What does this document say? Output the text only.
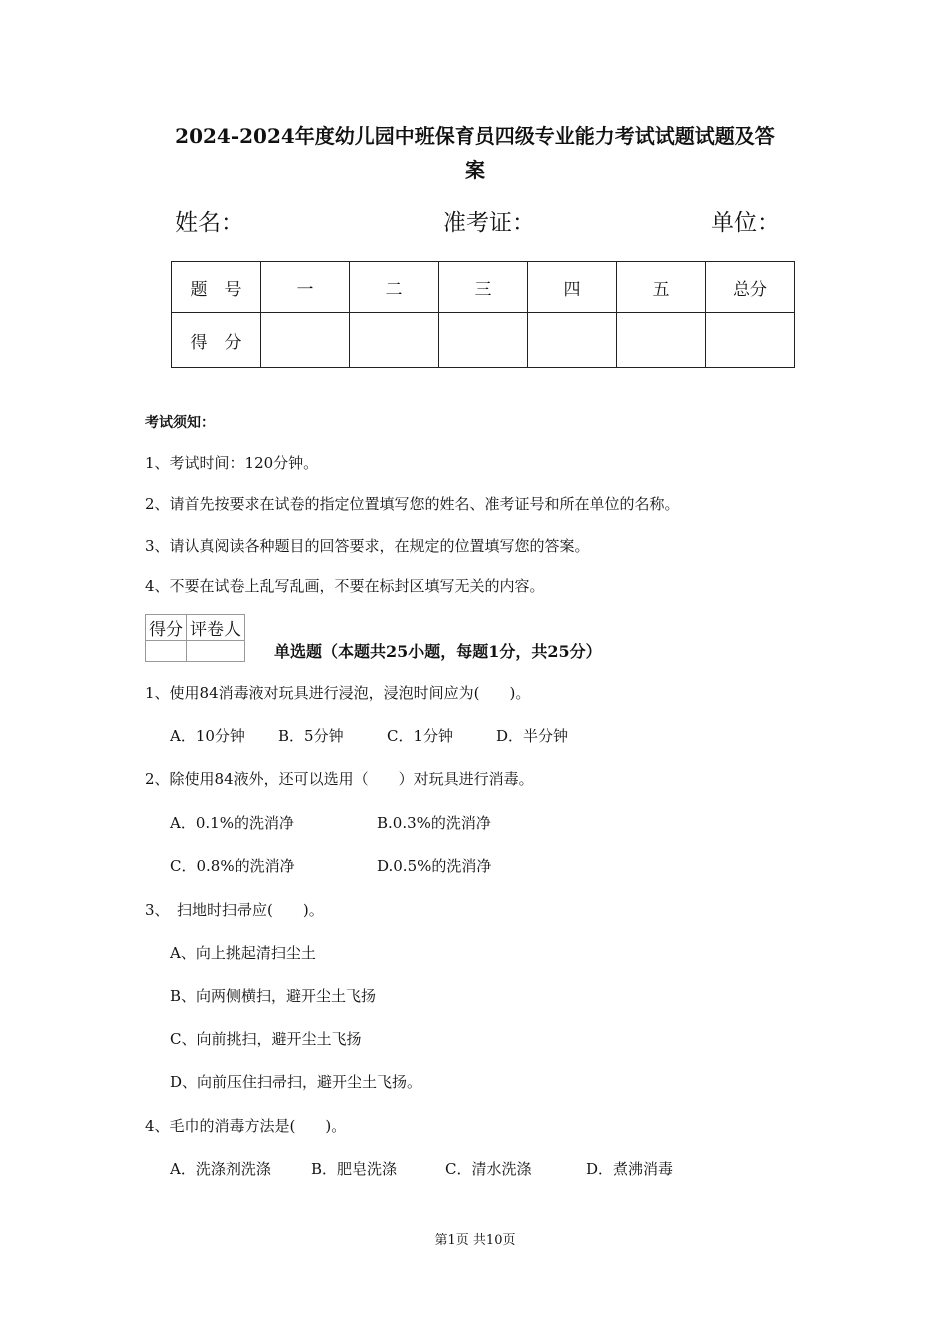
2024-2024年度幼儿园中班保育员四级专业能力考试试题试题及答
案
姓名：	准考证：	单位：
题　号	一	二	三	四	五	总分
得　分						
考试须知：
1、考试时间：120分钟。
2、请首先按要求在试卷的指定位置填写您的姓名、准考证号和所在单位的名称。
3、请认真阅读各种题目的回答要求，在规定的位置填写您的答案。
4、不要在试卷上乱写乱画，不要在标封区填写无关的内容。
得分	评卷人

单选题（本题共25小题，每题1分，共25分）
1、使用84消毒液对玩具进行浸泡，浸泡时间应为(　　)。
A．10分钟 B．5分钟	C．1分钟	D．半分钟
2、除使用84液外，还可以选用（　　）对玩具进行消毒。
A．0.1%的洗消净	B.0.3%的洗消净
C．0.8%的洗消净	D.0.5%的洗消净
3、　扫地时扫帚应(　　)。
A、向上挑起清扫尘土
B、向两侧横扫，避开尘土飞扬
C、向前挑扫，避开尘土飞扬
D、向前压住扫帚扫，避开尘土飞扬。
4、毛巾的消毒方法是(　　)。
A．洗涤剂洗涤	B．肥皂洗涤	C．清水洗涤	D．煮沸消毒
第1页 共10页
